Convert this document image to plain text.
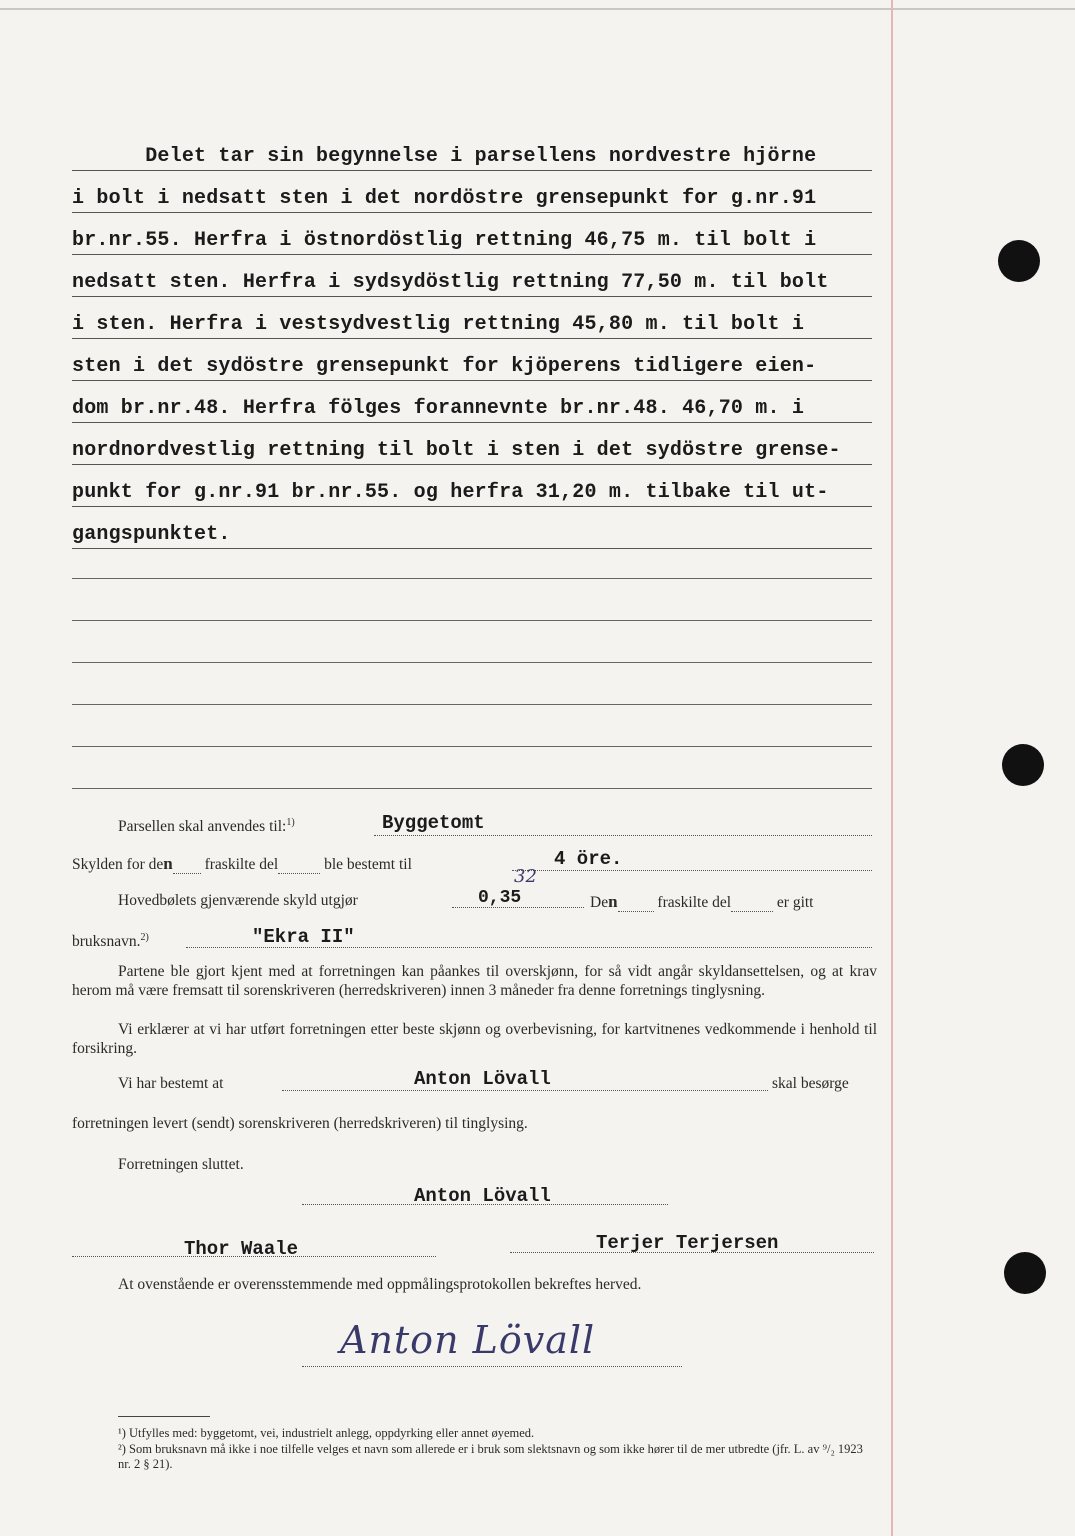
Delet tar sin begynnelse i parsellens nordvestre hjörne
i bolt i nedsatt sten i det nordöstre grensepunkt for g.nr.91
br.nr.55. Herfra i östnordöstlig rettning 46,75 m. til bolt i
nedsatt sten. Herfra i sydsydöstlig rettning 77,50 m. til bolt
i sten. Herfra i vestsydvestlig rettning 45,80 m. til bolt i
sten i det sydöstre grensepunkt for kjöperens tidligere eien-
dom br.nr.48. Herfra fölges forannevnte br.nr.48. 46,70 m. i
nordnordvestlig rettning til bolt i sten i det sydöstre grense-
punkt for g.nr.91 br.nr.55. og herfra 31,20 m. tilbake til ut-
gangspunktet.
Parsellen skal anvendes til:$^{1)}$	Byggetomt
Skylden for den fraskilte del	ble bestemt til	4 öre.
Hovedbølets gjenværende skyld utgjør	0,35
32
Den	fraskilte del	er gitt
bruksnavn.$^{2)}$	"Ekra II"
Partene ble gjort kjent med at forretningen kan påankes til overskjønn, for så vidt angår skyldansettelsen, og at krav herom må være fremsatt til sorenskriveren (herredskriveren) innen 3 måneder fra denne forretnings tinglysning.
Vi erklærer at vi har utført forretningen etter beste skjønn og overbevisning, for kartvitnenes vedkommende i henhold til forsikring.
Vi har bestemt at	Anton Lövall	skal besørge
forretningen levert (sendt) sorenskriveren (herredskriveren) til tinglysing.
Forretningen sluttet.
Anton Lövall
Thor Waale	Terjer Terjersen
At ovenstående er overensstemmende med oppmålingsprotokollen bekreftes herved.
Anton Lövall
¹) Utfylles med: byggetomt, vei, industrielt anlegg, oppdyrking eller annet øyemed.
²) Som bruksnavn må ikke i noe tilfelle velges et navn som allerede er i bruk som slektsnavn og som ikke hører til de mer utbredte (jfr. L. av ⁹/₂ 1923 nr. 2 § 21).
